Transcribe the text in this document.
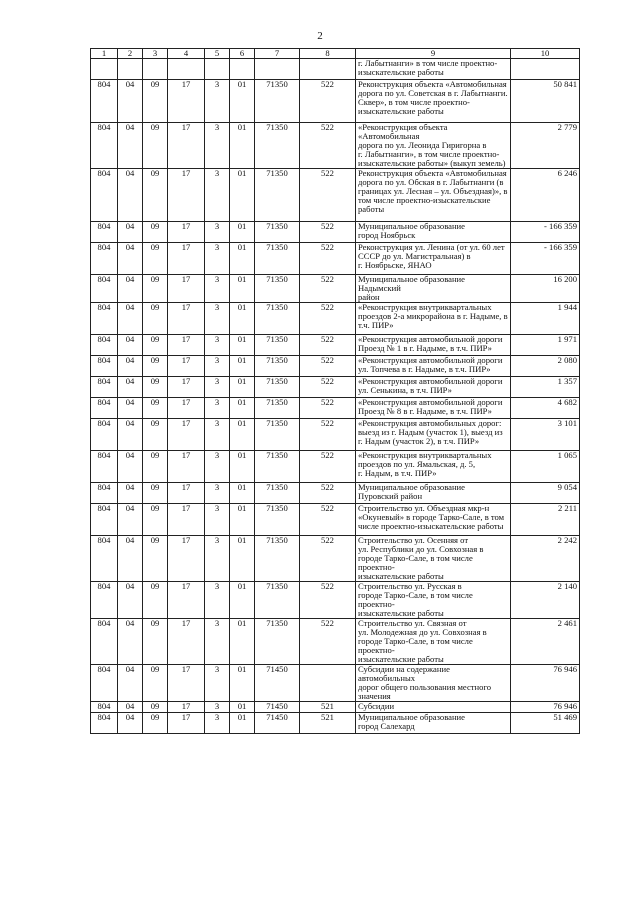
2
1	2	3	4	5	6	7	8	9	10
								г. Лабытнанги» в том числе проектно-
изыскательские работы	
804	04	09	17	3	01	71350	522	Реконструкция объекта «Автомобильная
дорога по ул. Советская в г. Лабытнанги.
Сквер», в том числе проектно-
изыскательские работы	50 841
804	04	09	17	3	01	71350	522	«Реконструкция объекта «Автомобильная
дорога по ул. Леонида Гиригорна в
г. Лабытнанги», в том числе проектно-
изыскательские работы» (выкуп земель)	2 779
804	04	09	17	3	01	71350	522	Реконструкция объекта «Автомобильная
дорога по ул. Обская в г. Лабытнанги (в
границах ул. Лесная – ул. Объездная)», в
том числе проектно-изыскательские
работы	6 246
804	04	09	17	3	01	71350	522	Муниципальное образование
город Ноябрьск	- 166 359
804	04	09	17	3	01	71350	522	Реконструкция ул. Ленина (от ул. 60 лет
СССР до ул. Магистральная) в
г. Ноябрьске, ЯНАО	- 166 359
804	04	09	17	3	01	71350	522	Муниципальное образование Надымский
район	16 200
804	04	09	17	3	01	71350	522	«Реконструкция внутриквартальных
проездов 2-а микрорайона в г. Надыме, в
т.ч. ПИР»	1 944
804	04	09	17	3	01	71350	522	«Реконструкция автомобильной дороги
Проезд № 1 в г. Надыме, в т.ч. ПИР»	1 971
804	04	09	17	3	01	71350	522	«Реконструкция автомобильной дороги
ул. Топчева в г. Надыме, в т.ч. ПИР»	2 080
804	04	09	17	3	01	71350	522	«Реконструкция автомобильной дороги
ул. Сенькина, в т.ч. ПИР»	1 357
804	04	09	17	3	01	71350	522	«Реконструкция автомобильной дороги
Проезд № 8 в г. Надыме, в т.ч. ПИР»	4 682
804	04	09	17	3	01	71350	522	«Реконструкция автомобильных дорог:
выезд из г. Надым (участок 1), выезд из
г. Надым (участок 2), в т.ч. ПИР»	3 101
804	04	09	17	3	01	71350	522	«Реконструкция внутриквартальных
проездов по ул. Ямальская, д. 5,
г. Надым, в т.ч. ПИР»	1 065
804	04	09	17	3	01	71350	522	Муниципальное образование
Пуровский район	9 054
804	04	09	17	3	01	71350	522	Строительство ул. Объездная мкр-н
«Окуневый» в городе Тарко-Сале, в том
числе проектно-изыскательские работы	2 211
804	04	09	17	3	01	71350	522	Строительство ул. Осенняя от
ул. Республики до ул. Совхозная в
городе Тарко-Сале, в том числе проектно-
изыскательские работы	2 242
804	04	09	17	3	01	71350	522	Строительство ул. Русская в
городе Тарко-Сале, в том числе проектно-
изыскательские работы	2 140
804	04	09	17	3	01	71350	522	Строительство ул. Связная от
ул. Молодежная до ул. Совхозная в
городе Тарко-Сале, в том числе проектно-
изыскательские работы	2 461
804	04	09	17	3	01	71450		Субсидии на содержание автомобильных
дорог общего пользования местного
значения	76 946
804	04	09	17	3	01	71450	521	Субсидии	76 946
804	04	09	17	3	01	71450	521	Муниципальное образование
город Салехард	51 469
